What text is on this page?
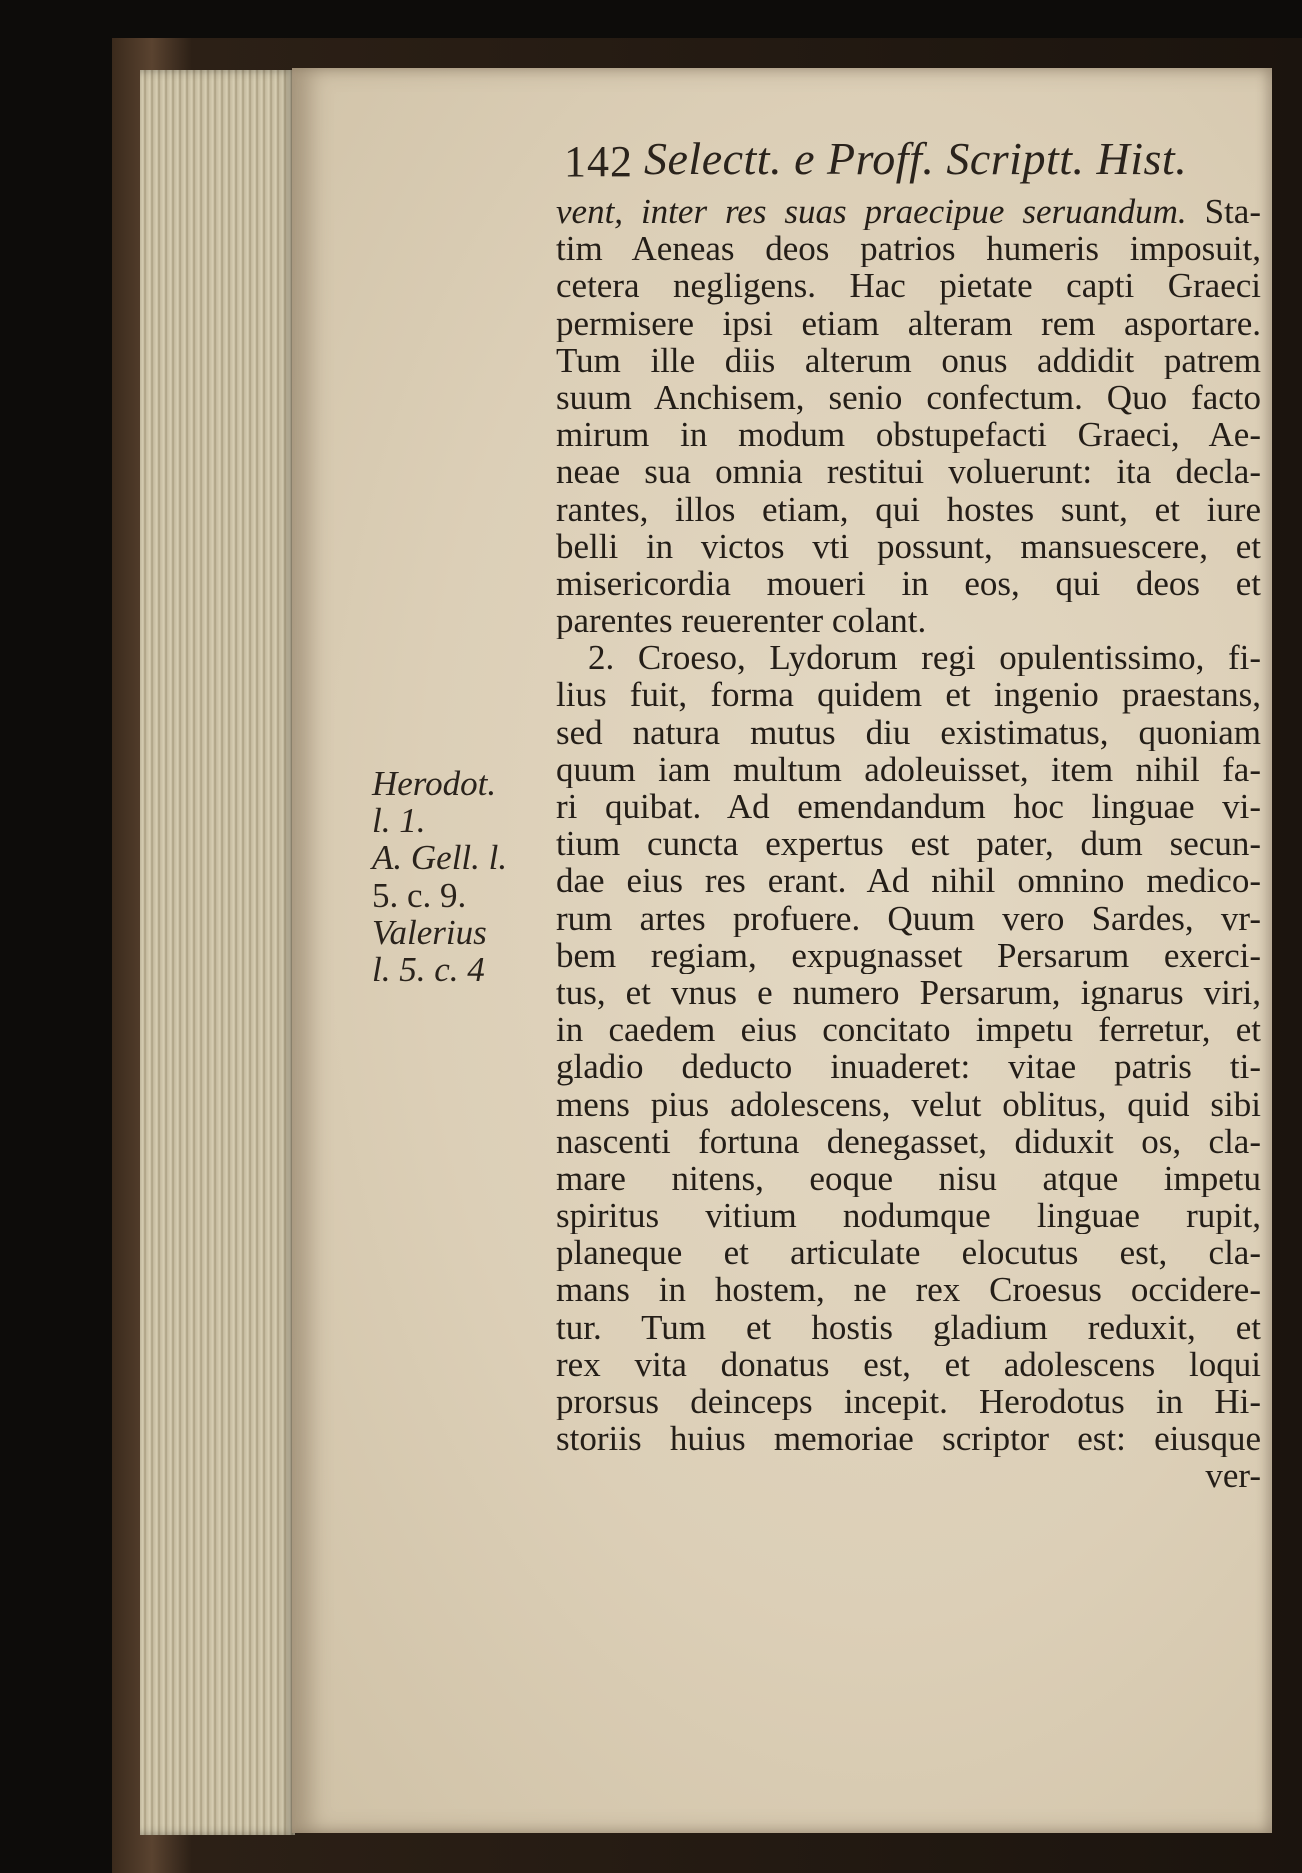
142 Selectt. e Proff. Scriptt. Hist.
Herodot.
l. 1.
A. Gell. l.
5. c. 9.
Valerius
l. 5. c. 4
vent, inter res suas praecipue seruandum. Sta-
tim Aeneas deos patrios humeris imposuit,
cetera negligens. Hac pietate capti Graeci
permisere ipsi etiam alteram rem asportare.
Tum ille diis alterum onus addidit patrem
suum Anchisem, senio confectum. Quo facto
mirum in modum obstupefacti Graeci, Ae-
neae sua omnia restitui voluerunt: ita decla-
rantes, illos etiam, qui hostes sunt, et iure
belli in victos vti possunt, mansuescere, et
misericordia moueri in eos, qui deos et
parentes reuerenter colant.
2. Croeso, Lydorum regi opulentissimo, fi-
lius fuit, forma quidem et ingenio praestans,
sed natura mutus diu existimatus, quoniam
quum iam multum adoleuisset, item nihil fa-
ri quibat. Ad emendandum hoc linguae vi-
tium cuncta expertus est pater, dum secun-
dae eius res erant. Ad nihil omnino medico-
rum artes profuere. Quum vero Sardes, vr-
bem regiam, expugnasset Persarum exerci-
tus, et vnus e numero Persarum, ignarus viri,
in caedem eius concitato impetu ferretur, et
gladio deducto inuaderet: vitae patris ti-
mens pius adolescens, velut oblitus, quid sibi
nascenti fortuna denegasset, diduxit os, cla-
mare nitens, eoque nisu atque impetu
spiritus vitium nodumque linguae rupit,
planeque et articulate elocutus est, cla-
mans in hostem, ne rex Croesus occidere-
tur. Tum et hostis gladium reduxit, et
rex vita donatus est, et adolescens loqui
prorsus deinceps incepit. Herodotus in Hi-
storiis huius memoriae scriptor est: eiusque
ver-
